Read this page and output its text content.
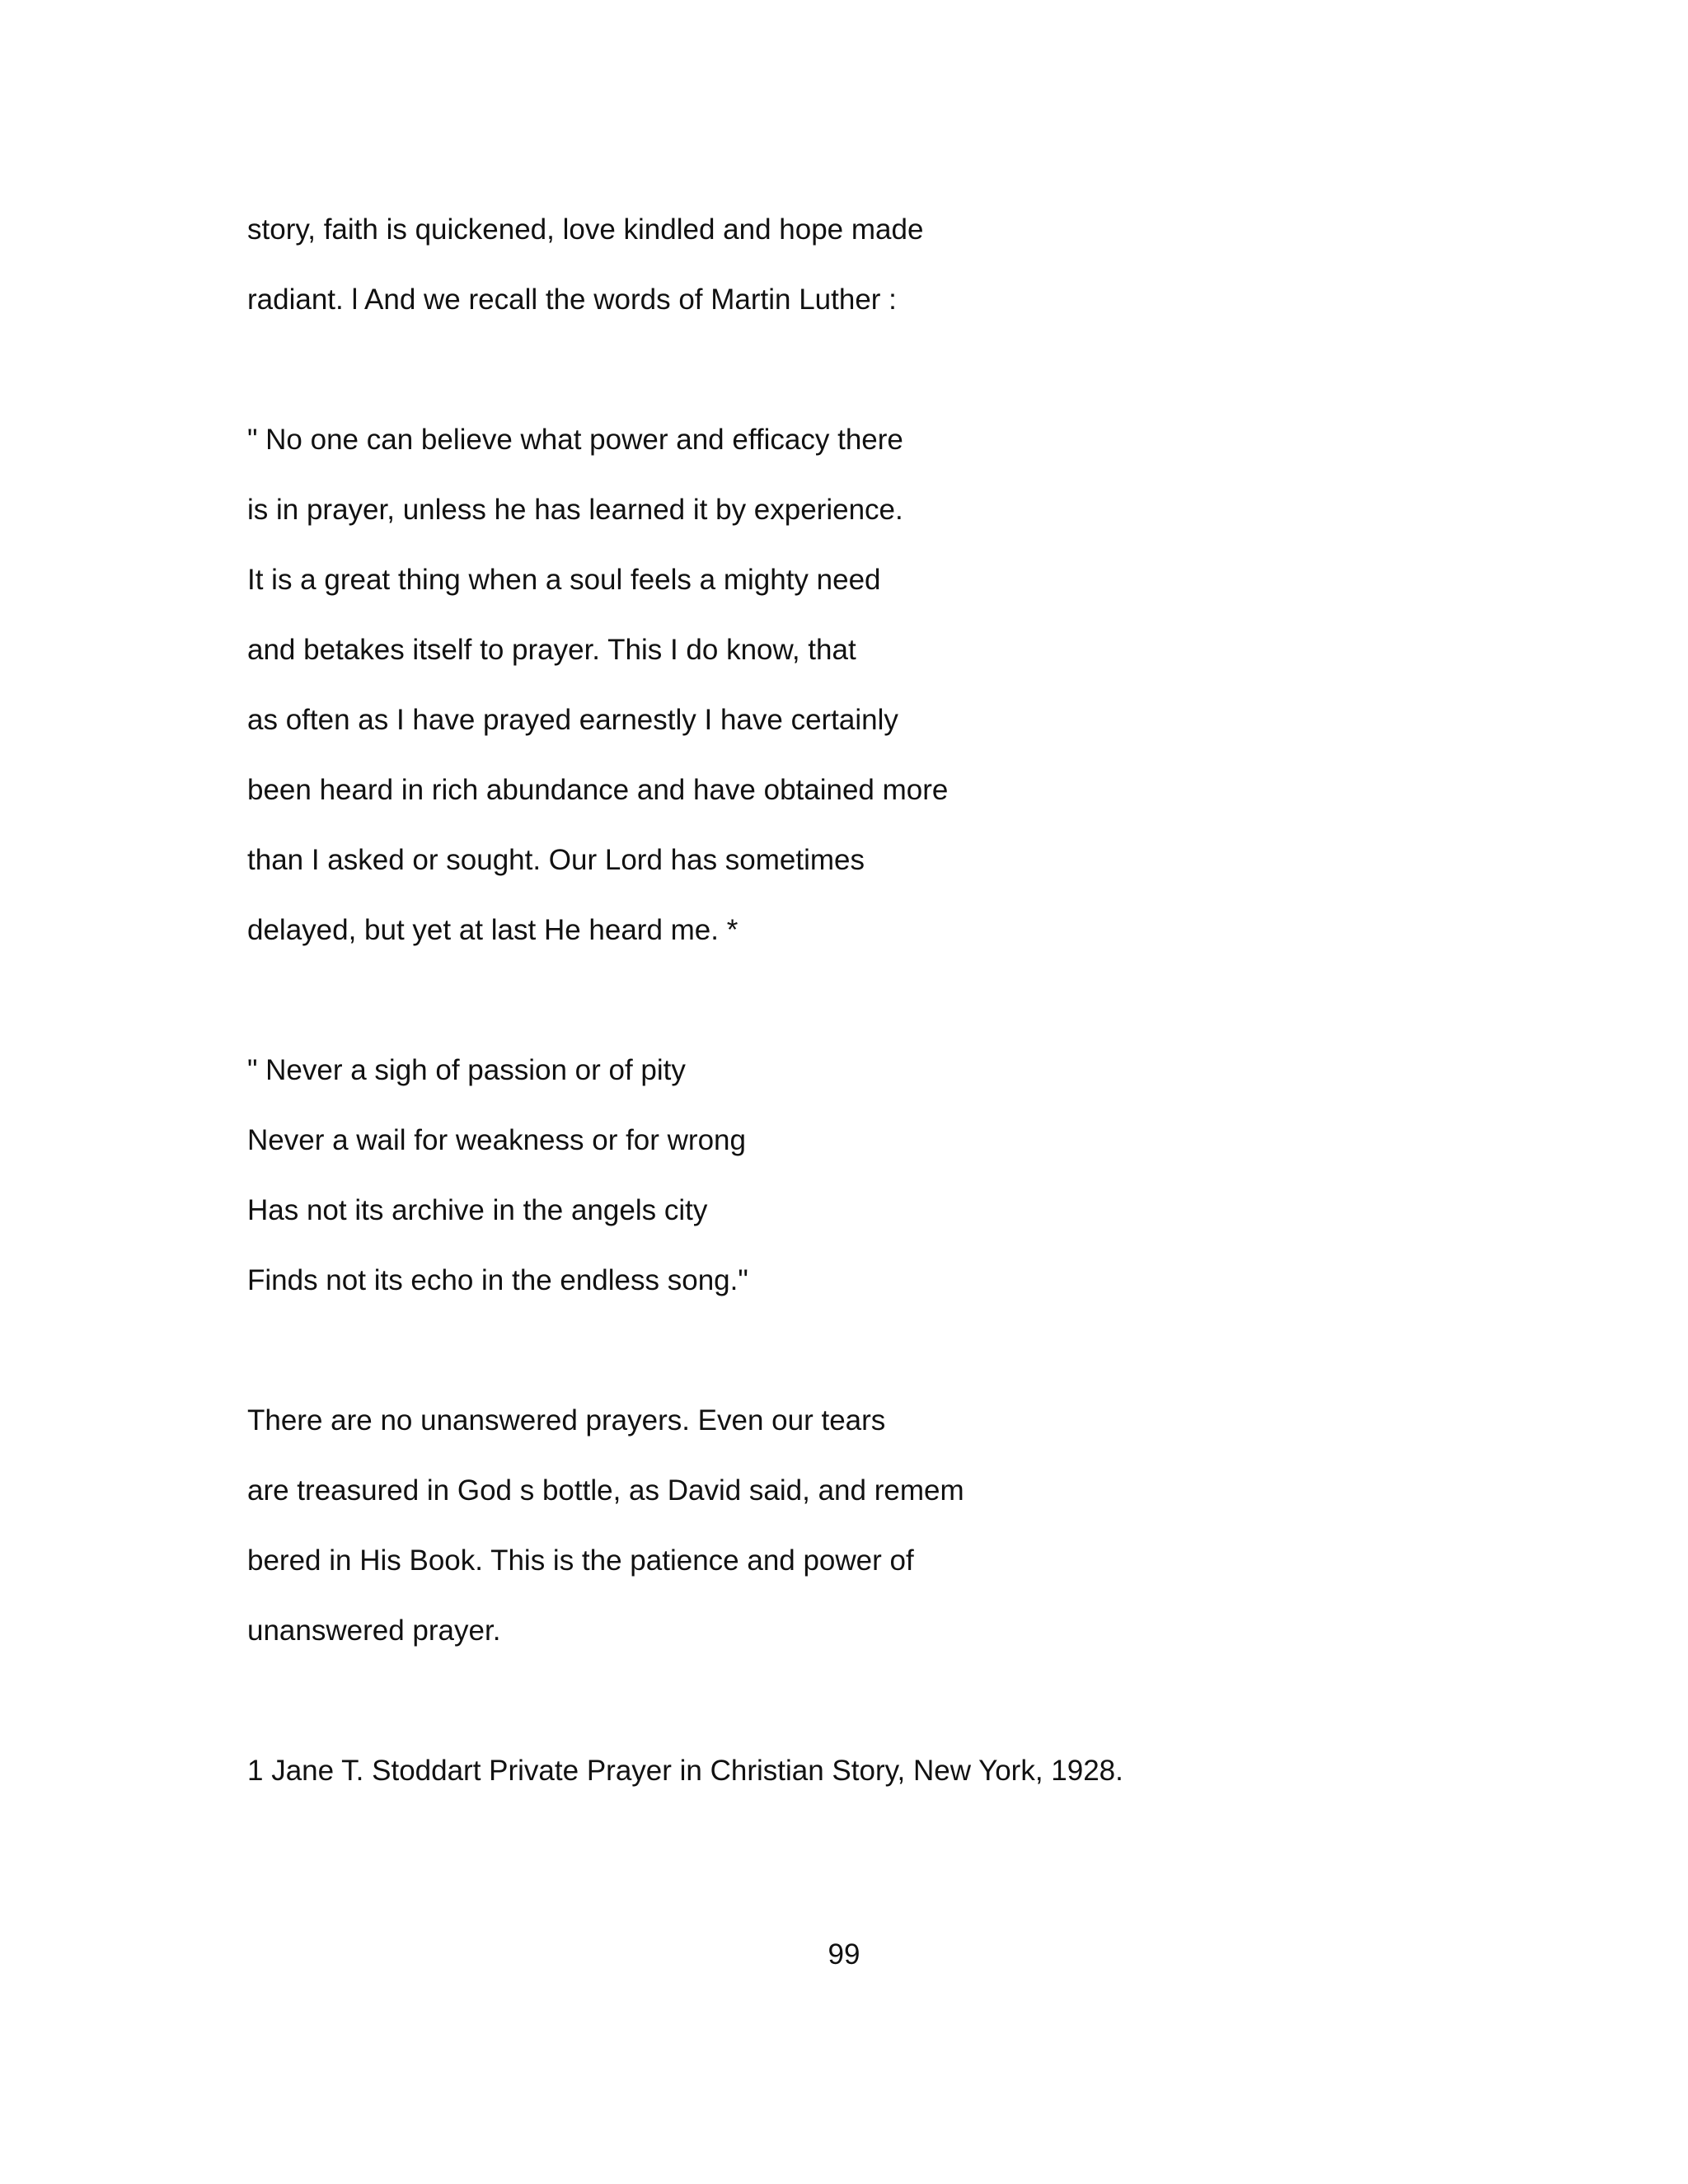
story, faith is quickened, love kindled and hope made
radiant. l And we recall the words of Martin Luther :
" No one can believe what power and efficacy there
is in prayer, unless he has learned it by experience.
It is a great thing when a soul feels a mighty need
and betakes itself to prayer. This I do know, that
as often as I have prayed earnestly I have certainly
been heard in rich abundance and have obtained more
than I asked or sought. Our Lord has sometimes
delayed, but yet at last He heard me. *
" Never a sigh of passion or of pity
Never a wail for weakness or for wrong
Has not its archive in the angels city
Finds not its echo in the endless song."
There are no unanswered prayers. Even our tears
are treasured in God s bottle, as David said, and remem
bered in His Book. This is the patience and power of
unanswered prayer.
1 Jane T. Stoddart Private Prayer in Christian Story, New York, 1928.
99
